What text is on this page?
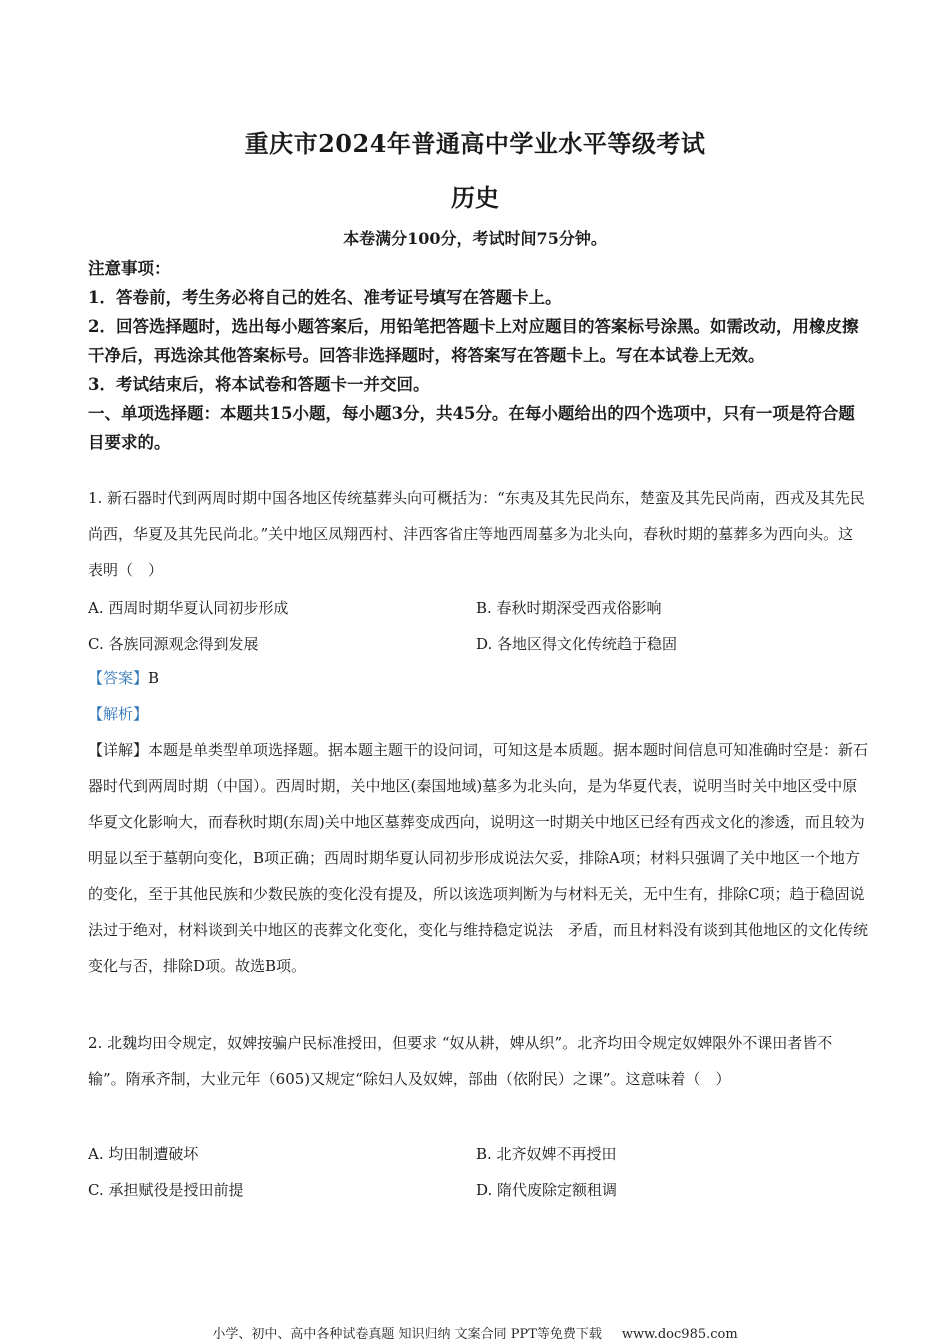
重庆市2024年普通高中学业水平等级考试
历史
本卷满分100分，考试时间75分钟。

注意事项：

1．答卷前，考生务必将自己的姓名、准考证号填写在答题卡上。

2．回答选择题时，选出每小题答案后，用铅笔把答题卡上对应题目的答案标号涂黑。如需改动，用橡皮擦干净后，再选涂其他答案标号。回答非选择题时，将答案写在答题卡上。写在本试卷上无效。

3．考试结束后，将本试卷和答题卡一并交回。

一、单项选择题：本题共15小题，每小题3分，共45分。在每小题给出的四个选项中，只有一项是符合题目要求的。

1. 新石器时代到两周时期中国各地区传统墓葬头向可概括为：“东夷及其先民尚东，楚蛮及其先民尚南，西戎及其先民尚西，华夏及其先民尚北。”关中地区凤翔西村、沣西客省庄等地西周墓多为北头向，春秋时期的墓葬多为西向头。这表明（　）

A. 西周时期华夏认同初步形成	B. 春秋时期深受西戎俗影响
C. 各族同源观念得到发展	D. 各地区得文化传统趋于稳固

【答案】B

【解析】

【详解】本题是单类型单项选择题。据本题主题干的设问词，可知这是本质题。据本题时间信息可知准确时空是：新石器时代到两周时期（中国）。西周时期，关中地区(秦国地域)墓多为北头向，是为华夏代表，说明当时关中地区受中原华夏文化影响大，而春秋时期(东周)关中地区墓葬变成西向，说明这一时期关中地区已经有西戎文化的渗透，而且较为明显以至于墓朝向变化，B项正确；西周时期华夏认同初步形成说法欠妥，排除A项；材料只强调了关中地区一个地方的变化，至于其他民族和少数民族的变化没有提及，所以该选项判断为与材料无关，无中生有，排除C项；趋于稳固说法过于绝对，材料谈到关中地区的丧葬文化变化，变化与维持稳定说法　矛盾，而且材料没有谈到其他地区的文化传统变化与否，排除D项。故选B项。

2. 北魏均田令规定，奴婢按骗户民标准授田，但要求 “奴从耕，婢从织”。北齐均田令规定奴婢限外不课田者皆不输”。隋承齐制，大业元年（605)又规定“除妇人及奴婢，部曲（依附民）之课”。这意味着（　）

A. 均田制遭破坏	B. 北齐奴婢不再授田
C. 承担赋役是授田前提	D. 隋代废除定额租调
小学、初中、高中各种试卷真题 知识归纳 文案合同 PPT等免费下载 www.doc985.com
